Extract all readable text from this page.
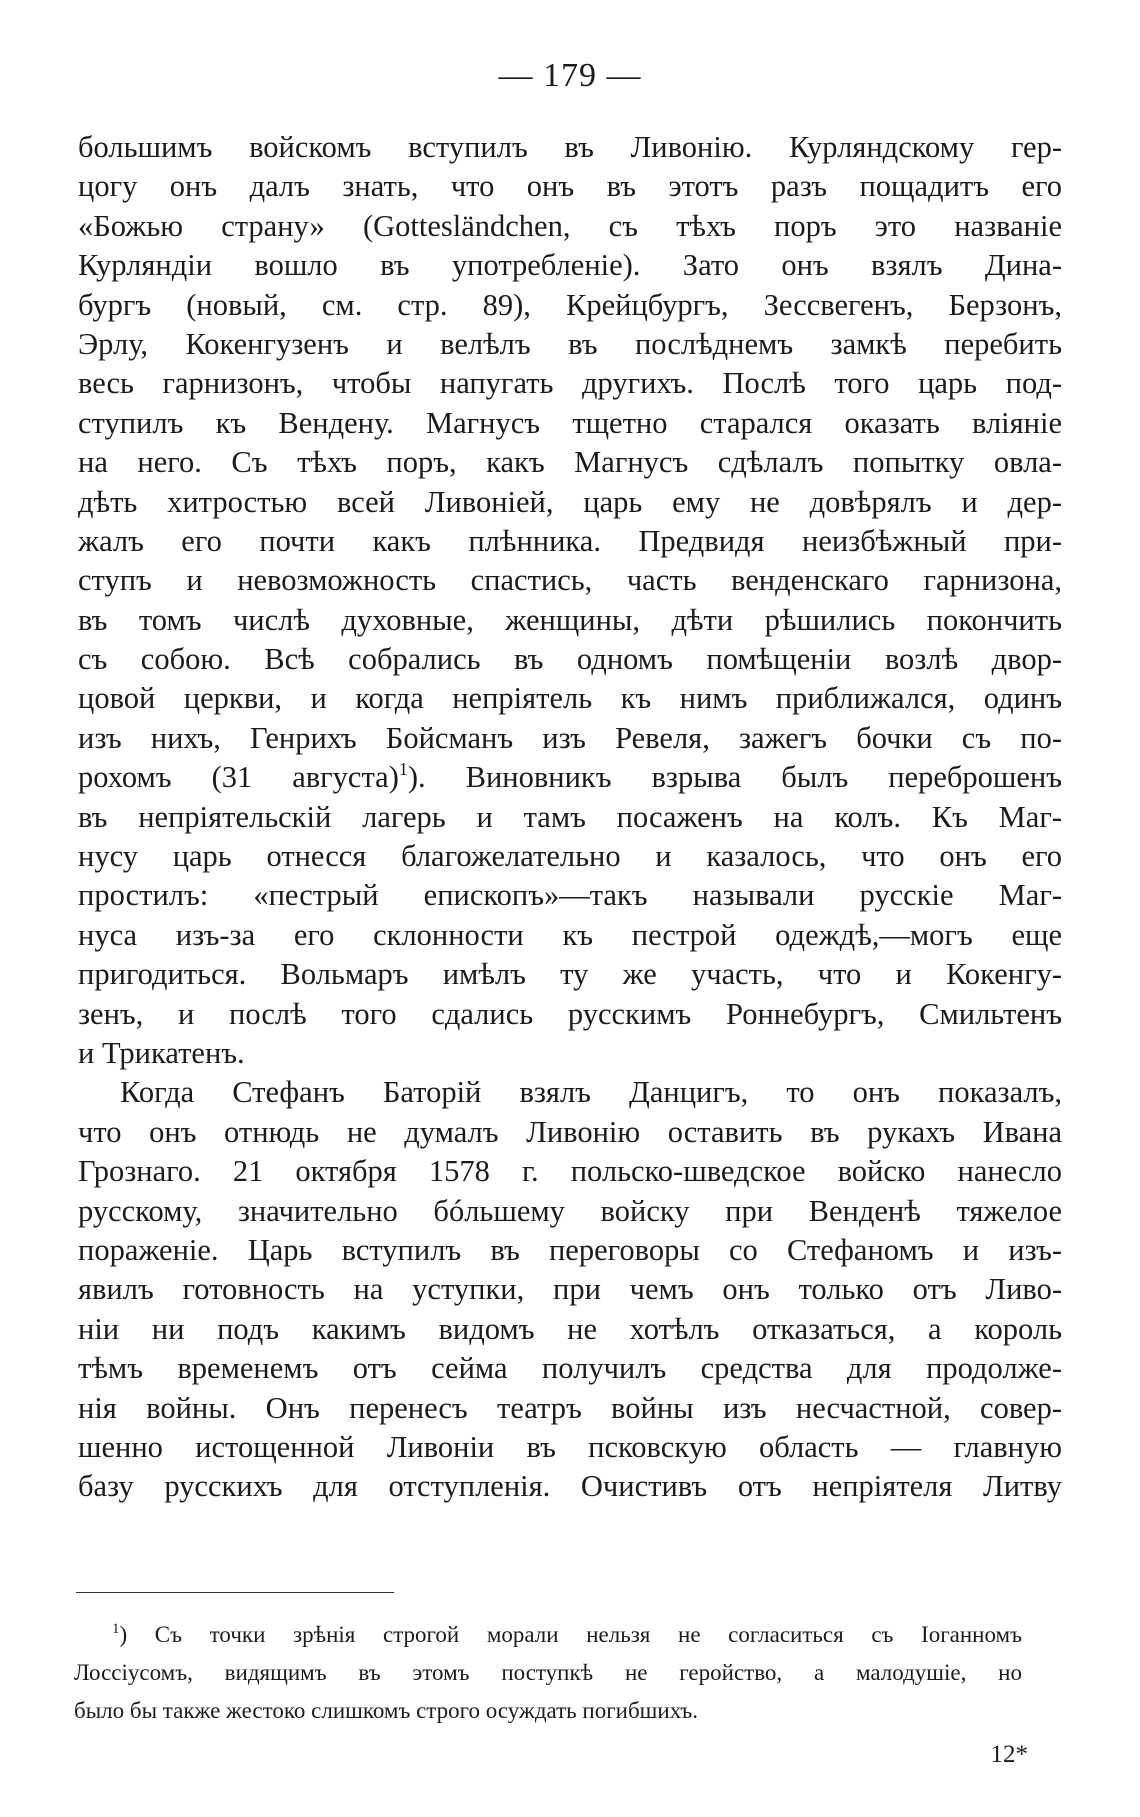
— 179 —
большимъ войскомъ вступилъ въ Ливонію. Курляндскому гер-
цогу онъ далъ знать, что онъ въ этотъ разъ пощадитъ его
«Божью страну» (Gottesländchen, съ тѣхъ поръ это названіе
Курляндіи вошло въ употребленіе). Зато онъ взялъ Дина-
бургъ (новый, см. стр. 89), Крейцбургъ, Зессвегенъ, Берзонъ,
Эрлу, Кокенгузенъ и велѣлъ въ послѣднемъ замкѣ перебить
весь гарнизонъ, чтобы напугать другихъ. Послѣ того царь под-
ступилъ къ Вендену. Магнусъ тщетно старался оказать вліяніе
на него. Съ тѣхъ поръ, какъ Магнусъ сдѣлалъ попытку овла-
дѣть хитростью всей Ливоніей, царь ему не довѣрялъ и дер-
жалъ его почти какъ плѣнника. Предвидя неизбѣжный при-
ступъ и невозможность спастись, часть венденскаго гарнизона,
въ томъ числѣ духовные, женщины, дѣти рѣшились покончить
съ собою. Всѣ собрались въ одномъ помѣщеніи возлѣ двор-
цовой церкви, и когда непріятель къ нимъ приближался, одинъ
изъ нихъ, Генрихъ Бойсманъ изъ Ревеля, зажегъ бочки съ по-
рохомъ (31 августа)$^1$). Виновникъ взрыва былъ переброшенъ
въ непріятельскій лагерь и тамъ посаженъ на колъ. Къ Маг-
нусу царь отнесся благожелательно и казалось, что онъ его
простилъ: «пестрый епископъ»—такъ называли русскіе Маг-
нуса изъ-за его склонности къ пестрой одеждѣ,—могъ еще
пригодиться. Вольмаръ имѣлъ ту же участь, что и Кокенгу-
зенъ, и послѣ того сдались русскимъ Роннебургъ, Смильтенъ
и Трикатенъ.
Когда Стефанъ Баторій взялъ Данцигъ, то онъ показалъ,
что онъ отнюдь не думалъ Ливонію оставить въ рукахъ Ивана
Грознаго. 21 октября 1578 г. польско-шведское войско нанесло
русскому, значительно бóльшему войску при Венденѣ тяжелое
пораженіе. Царь вступилъ въ переговоры со Стефаномъ и изъ-
явилъ готовность на уступки, при чемъ онъ только отъ Ливо-
ніи ни подъ какимъ видомъ не хотѣлъ отказаться, а король
тѣмъ временемъ отъ сейма получилъ средства для продолже-
нія войны. Онъ перенесъ театръ войны изъ несчастной, совер-
шенно истощенной Ливоніи въ псковскую область — главную
базу русскихъ для отступленія. Очистивъ отъ непріятеля Литву
$^1$) Съ точки зрѣнія строгой морали нельзя не согласиться съ Іоганномъ
Лоссіусомъ, видящимъ въ этомъ поступкѣ не геройство, а малодушіе, но
было бы также жестоко слишкомъ строго осуждать погибшихъ.
12*
